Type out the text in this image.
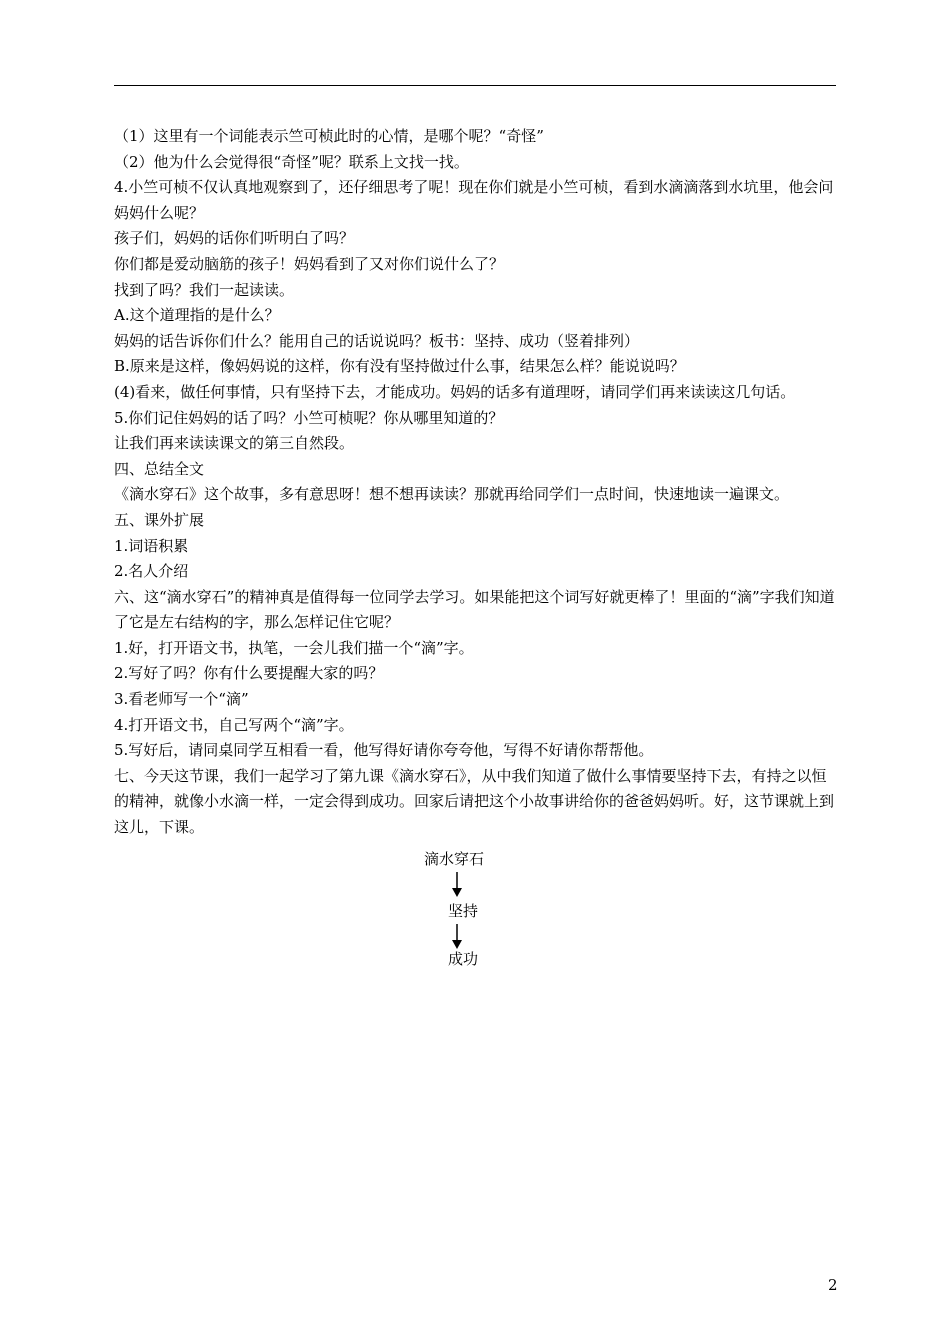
（1）这里有一个词能表示竺可桢此时的心情，是哪个呢？“奇怪”
（2）他为什么会觉得很“奇怪”呢？联系上文找一找。
4.小竺可桢不仅认真地观察到了，还仔细思考了呢！现在你们就是小竺可桢，看到水滴滴落到水坑里，他会问妈妈什么呢？
孩子们，妈妈的话你们听明白了吗？
你们都是爱动脑筋的孩子！妈妈看到了又对你们说什么了？
找到了吗？我们一起读读。
A.这个道理指的是什么？
妈妈的话告诉你们什么？能用自己的话说说吗？板书：坚持、成功（竖着排列）
B.原来是这样，像妈妈说的这样，你有没有坚持做过什么事，结果怎么样？能说说吗？
(4)看来，做任何事情，只有坚持下去，才能成功。妈妈的话多有道理呀，请同学们再来读读这几句话。
5.你们记住妈妈的话了吗？小竺可桢呢？你从哪里知道的？
让我们再来读读课文的第三自然段。
四、总结全文
《滴水穿石》这个故事，多有意思呀！想不想再读读？那就再给同学们一点时间，快速地读一遍课文。
五、课外扩展
1.词语积累
2.名人介绍
六、这“滴水穿石”的精神真是值得每一位同学去学习。如果能把这个词写好就更棒了！里面的“滴”字我们知道了它是左右结构的字，那么怎样记住它呢？
1.好，打开语文书，执笔，一会儿我们描一个“滴”字。
2.写好了吗？你有什么要提醒大家的吗？
3.看老师写一个“滴”
4.打开语文书，自己写两个“滴”字。
5.写好后，请同桌同学互相看一看，他写得好请你夸夸他，写得不好请你帮帮他。
七、今天这节课，我们一起学习了第九课《滴水穿石》，从中我们知道了做什么事情要坚持下去，有持之以恒的精神，就像小水滴一样，一定会得到成功。回家后请把这个小故事讲给你的爸爸妈妈听。好，这节课就上到这儿，下课。
滴水穿石
坚持
成功
2
